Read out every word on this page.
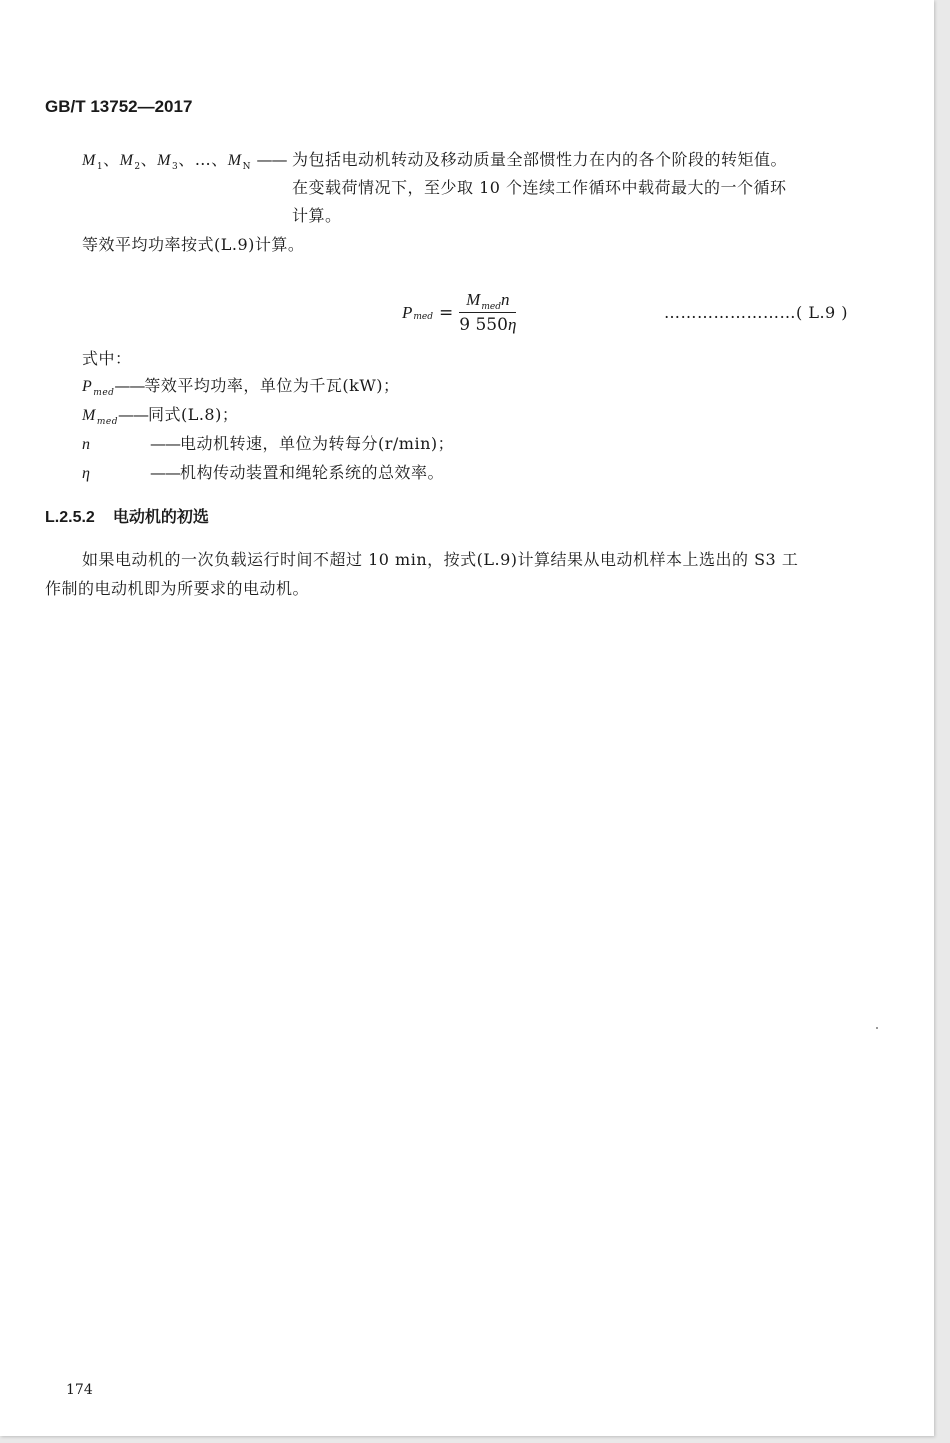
GB/T 13752—2017
$M_1$、$M_2$、$M_3$、…、$M_N$ —— 为包括电动机转动及移动质量全部惯性力在内的各个阶段的转矩值。
在变载荷情况下，至少取 10 个连续工作循环中载荷最大的一个循环
计算。
等效平均功率按式(L.9)计算。
P med = $\frac{M_{med}n}{9 550\eta}$	……………………( L.9 )
式中：
$P_{med}——$等效平均功率，单位为千瓦(kW)；
$M_{med}——$同式(L.8)；
n	——电动机转速，单位为转每分(r/min)；
η	——机构传动装置和绳轮系统的总效率。
L.2.5.2 电动机的初选
如果电动机的一次负载运行时间不超过 10 min，按式(L.9)计算结果从电动机样本上选出的 S3 工
作制的电动机即为所要求的电动机。
174
